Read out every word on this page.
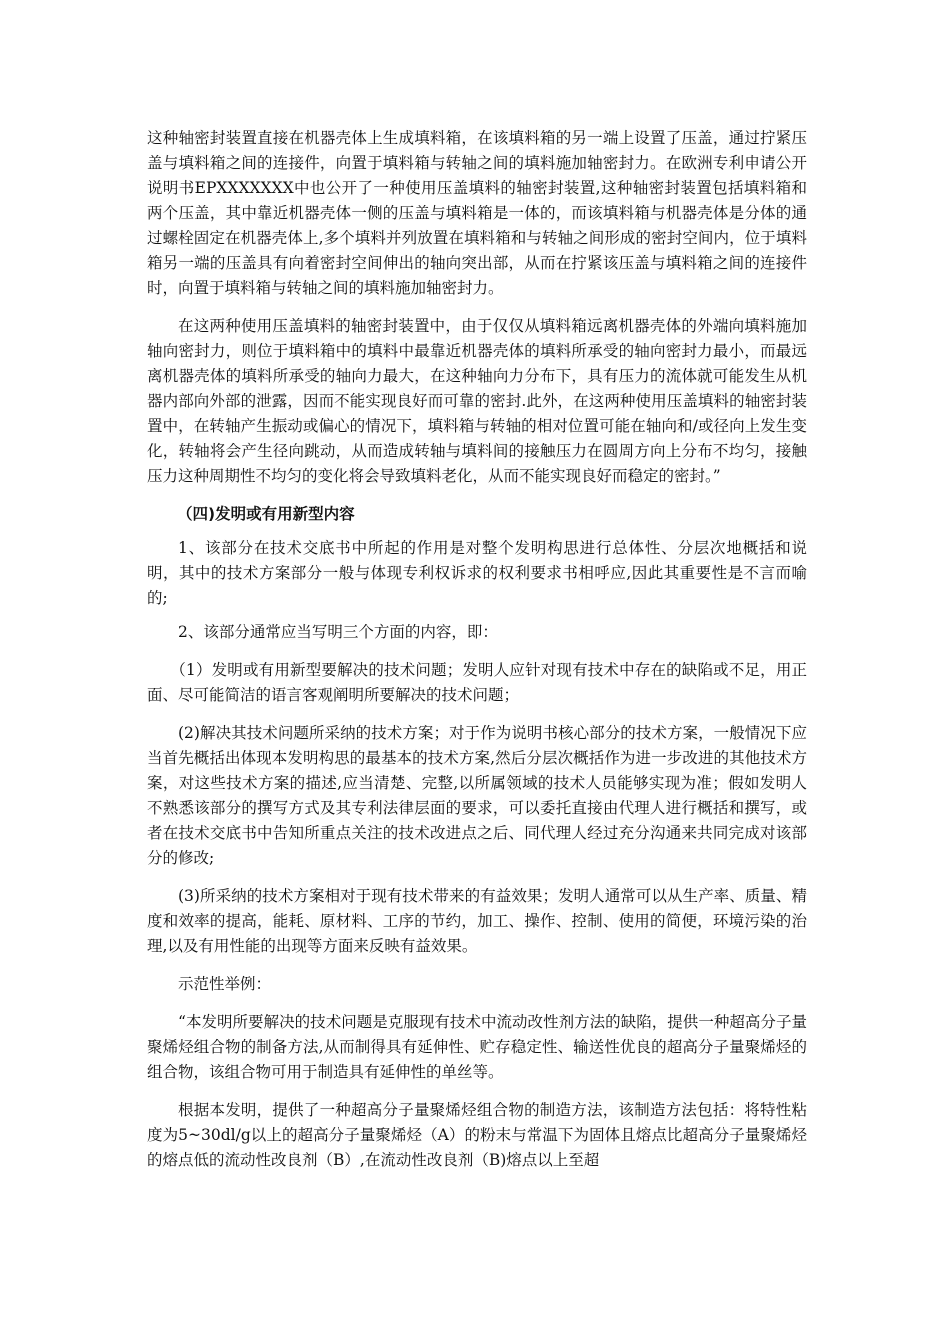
这种轴密封装置直接在机器壳体上生成填料箱，在该填料箱的另一端上设置了压盖，通过拧紧压盖与填料箱之间的连接件，向置于填料箱与转轴之间的填料施加轴密封力。在欧洲专利申请公开说明书EPXXXXXXX中也公开了一种使用压盖填料的轴密封装置,这种轴密封装置包括填料箱和两个压盖，其中靠近机器壳体一侧的压盖与填料箱是一体的，而该填料箱与机器壳体是分体的通过螺栓固定在机器壳体上,多个填料并列放置在填料箱和与转轴之间形成的密封空间内，位于填料箱另一端的压盖具有向着密封空间伸出的轴向突出部，从而在拧紧该压盖与填料箱之间的连接件时，向置于填料箱与转轴之间的填料施加轴密封力。

在这两种使用压盖填料的轴密封装置中，由于仅仅从填料箱远离机器壳体的外端向填料施加轴向密封力，则位于填料箱中的填料中最靠近机器壳体的填料所承受的轴向密封力最小，而最远离机器壳体的填料所承受的轴向力最大，在这种轴向力分布下，具有压力的流体就可能发生从机器内部向外部的泄露，因而不能实现良好而可靠的密封.此外，在这两种使用压盖填料的轴密封装置中，在转轴产生振动或偏心的情况下，填料箱与转轴的相对位置可能在轴向和/或径向上发生变化，转轴将会产生径向跳动，从而造成转轴与填料间的接触压力在圆周方向上分布不均匀，接触压力这种周期性不均匀的变化将会导致填料老化，从而不能实现良好而稳定的密封。”

（四)发明或有用新型内容

1、该部分在技术交底书中所起的作用是对整个发明构思进行总体性、分层次地概括和说明，其中的技术方案部分一般与体现专利权诉求的权利要求书相呼应,因此其重要性是不言而喻的;

2、该部分通常应当写明三个方面的内容，即：

（1）发明或有用新型要解决的技术问题；发明人应针对现有技术中存在的缺陷或不足，用正面、尽可能简洁的语言客观阐明所要解决的技术问题；

(2)解决其技术问题所采纳的技术方案；对于作为说明书核心部分的技术方案，一般情况下应当首先概括出体现本发明构思的最基本的技术方案,然后分层次概括作为进一步改进的其他技术方案，对这些技术方案的描述,应当清楚、完整,以所属领域的技术人员能够实现为准；假如发明人不熟悉该部分的撰写方式及其专利法律层面的要求，可以委托直接由代理人进行概括和撰写，或者在技术交底书中告知所重点关注的技术改进点之后、同代理人经过充分沟通来共同完成对该部分的修改;

(3)所采纳的技术方案相对于现有技术带来的有益效果；发明人通常可以从生产率、质量、精度和效率的提高，能耗、原材料、工序的节约，加工、操作、控制、使用的简便，环境污染的治理,以及有用性能的出现等方面来反映有益效果。

示范性举例：

“本发明所要解决的技术问题是克服现有技术中流动改性剂方法的缺陷，提供一种超高分子量聚烯烃组合物的制备方法,从而制得具有延伸性、贮存稳定性、输送性优良的超高分子量聚烯烃的组合物，该组合物可用于制造具有延伸性的单丝等。

根据本发明，提供了一种超高分子量聚烯烃组合物的制造方法，该制造方法包括：将特性粘度为5~30dl/g以上的超高分子量聚烯烃（A）的粉末与常温下为固体且熔点比超高分子量聚烯烃的熔点低的流动性改良剂（B）,在流动性改良剂（B)熔点以上至超
